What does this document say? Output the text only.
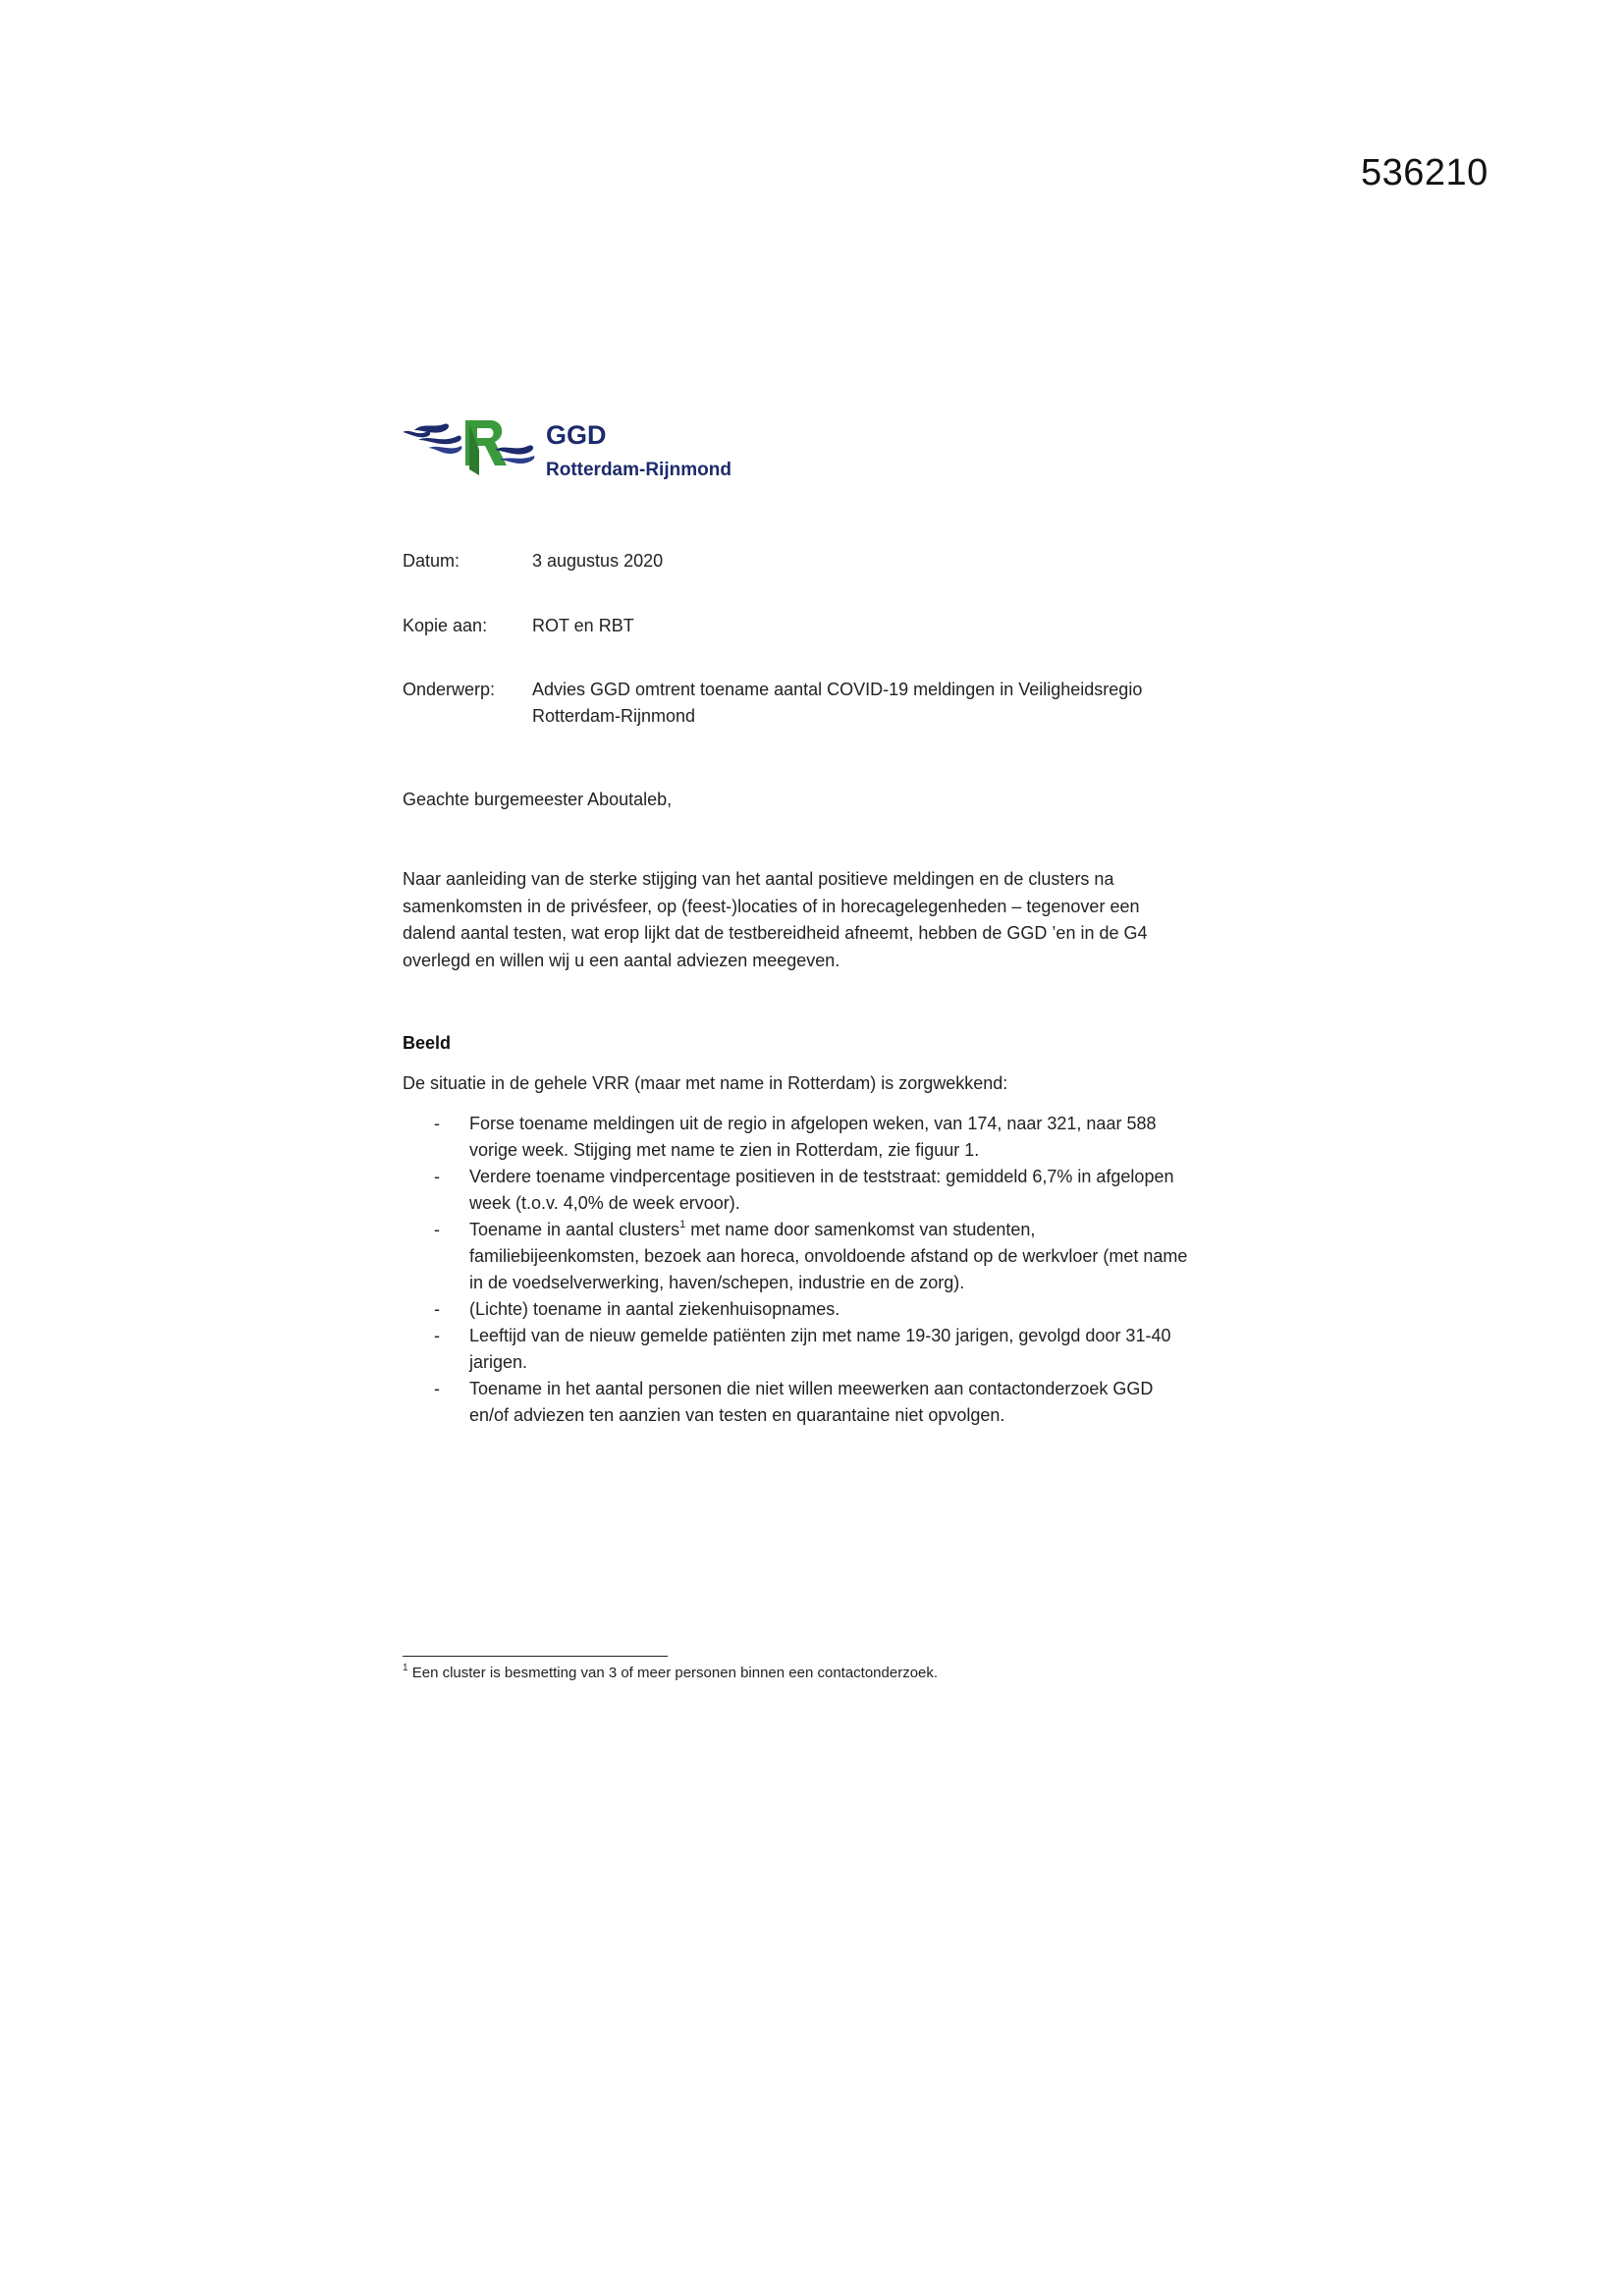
536210
GGD
Rotterdam-Rijnmond
Datum:	3 augustus 2020
Kopie aan:	ROT en RBT
Onderwerp:	Advies GGD omtrent toename aantal COVID-19 meldingen in Veiligheidsregio
Rotterdam-Rijnmond
Geachte burgemeester Aboutaleb,

Naar aanleiding van de sterke stijging van het aantal positieve meldingen en de clusters na
samenkomsten in de privésfeer, op (feest-)locaties of in horecagelegenheden – tegenover een
dalend aantal testen, wat erop lijkt dat de testbereidheid afneemt, hebben de GGD ’en in de G4
overlegd en willen wij u een aantal adviezen meegeven.

Beeld
De situatie in de gehele VRR (maar met name in Rotterdam) is zorgwekkend:
- Forse toename meldingen uit de regio in afgelopen weken, van 174, naar 321, naar 588
vorige week. Stijging met name te zien in Rotterdam, zie figuur 1.
- Verdere toename vindpercentage positieven in de teststraat: gemiddeld 6,7% in afgelopen
week (t.o.v. 4,0% de week ervoor).
- Toename in aantal clusters$^1$ met name door samenkomst van studenten,
familiebijeenkomsten, bezoek aan horeca, onvoldoende afstand op de werkvloer (met name
in de voedselverwerking, haven/schepen, industrie en de zorg).
- (Lichte) toename in aantal ziekenhuisopnames.
- Leeftijd van de nieuw gemelde patiënten zijn met name 19-30 jarigen, gevolgd door 31-40
jarigen.
- Toename in het aantal personen die niet willen meewerken aan contactonderzoek GGD
en/of adviezen ten aanzien van testen en quarantaine niet opvolgen.
$^1$ Een cluster is besmetting van 3 of meer personen binnen een contactonderzoek.
